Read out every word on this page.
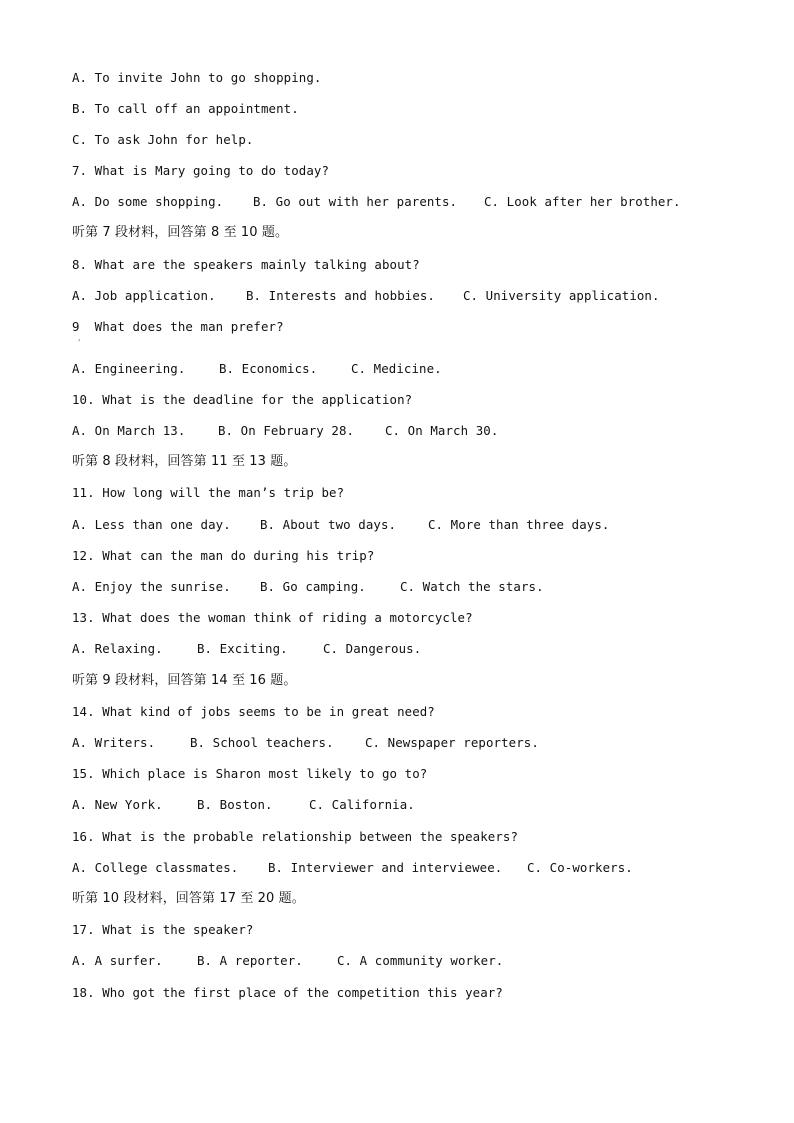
A. To invite John to go shopping.
B. To call off an appointment.
C. To ask John for help.
7. What is Mary going to do today?
A. Do some shopping. B. Go out with her parents. C. Look after her brother.
听第 7 段材料，回答第 8 至 10 题。
8. What are the speakers mainly talking about?
A. Job application. B. Interests and hobbies. C. University application.
9  What does the man prefer?
A. Engineering.	B. Economics.	C. Medicine.
10. What is the deadline for the application?
A. On March 13.	B. On February 28. C. On March 30.
听第 8 段材料，回答第 11 至 13 题。
11. How long will the man’s trip be?
A. Less than one day. B. About two days.	C. More than three days.
12. What can the man do during his trip?
A. Enjoy the sunrise. B. Go camping.	C. Watch the stars.
13. What does the woman think of riding a motorcycle?
A. Relaxing.	B. Exciting.	C. Dangerous.
听第 9 段材料，回答第 14 至 16 题。
14. What kind of jobs seems to be in great need?
A. Writers.	B. School teachers.	C. Newspaper reporters.
15. Which place is Sharon most likely to go to?
A. New York.	B. Boston.	C. California.
16. What is the probable relationship between the speakers?
A. College classmates. B. Interviewer and interviewee. C. Co-workers.
听第 10 段材料，回答第 17 至 20 题。
17. What is the speaker?
A. A surfer.	B. A reporter.	C. A community worker.
18. Who got the first place of the competition this year?
'
